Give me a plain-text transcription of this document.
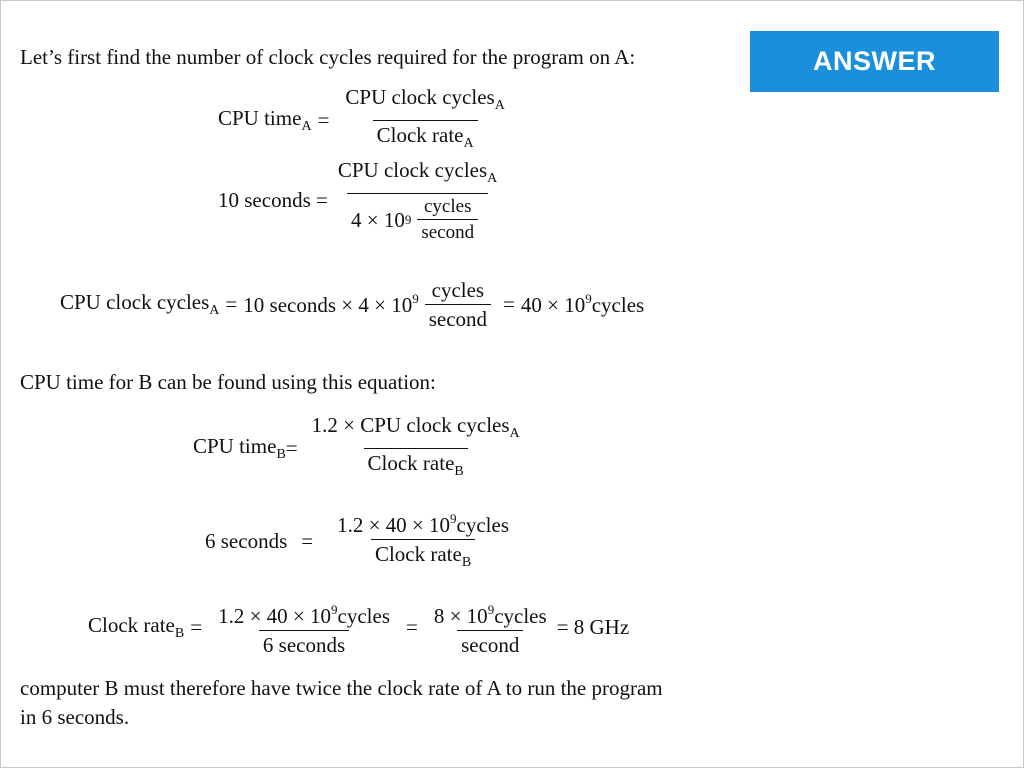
ANSWER
Let’s first find the number of clock cycles required for the program on A:
CPU time$_A$ = $\frac{CPU clock cycles_A}{Clock rate_A}$
10 seconds = $\frac{CPU clock cycles_A}{4 \times 10 9 \frac{\text{cycles}}{\text{second}}}$
CPU clock cycles$_A$ = 10 seconds × $4 \times 10^9 \frac{\text{cycles}}{\text{second}} = 40$ × $10^9cycles$
CPU time for B can be found using this equation:
CPU time$_B$ = $\frac{1.2 \times CPU clock cycles_A}{Clock rate_B}$
6 seconds = $\frac{1.2 \times 40 \times 10^9cycles}{Clock rate_B}$
Clock rate$_B$ = $\frac{1.2 \times 40 \times 10^9cycles}{\text{6 seconds}} = \frac{8 \times 10^9cycles}{\text{second}} = 8$ GHz
computer B must therefore have twice the clock rate of A to run the program
in 6 seconds.
